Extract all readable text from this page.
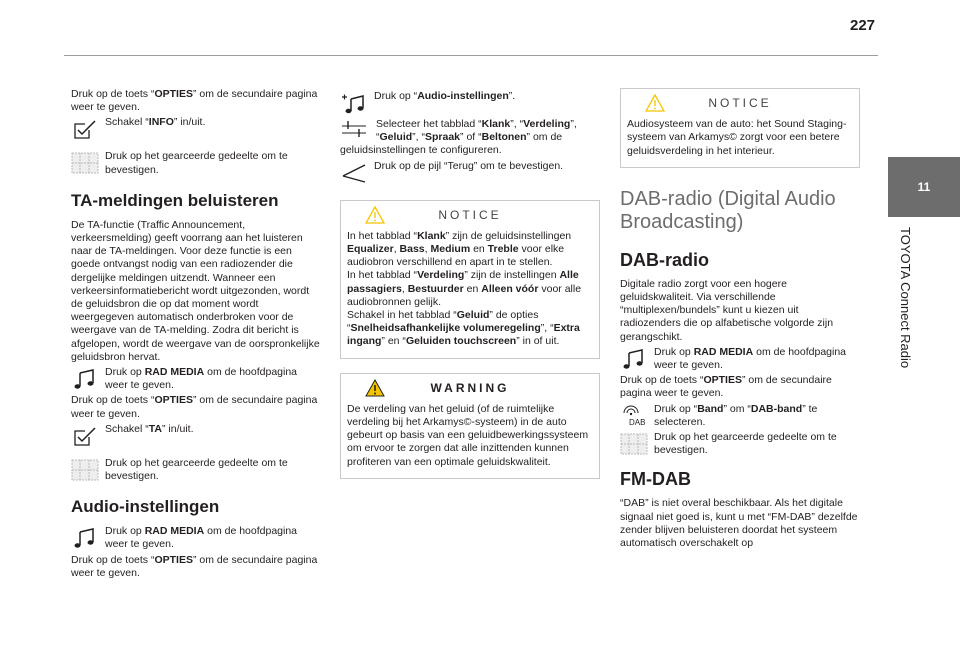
227
11
TOYOTA Connect Radio

Druk op de toets “OPTIES” om de secundaire pagina weer te geven.

Schakel “INFO” in/uit.

Druk op het gearceerde gedeelte om te bevestigen.

TA-meldingen beluisteren

De TA-functie (Traffic Announcement, verkeersmelding) geeft voorrang aan het luisteren naar de TA-meldingen. Voor deze functie is een goede ontvangst nodig van een radiozender die dergelijke meldingen uitzendt. Wanneer een verkeersinformatiebericht wordt uitgezonden, wordt de geluidsbron die op dat moment wordt weergegeven automatisch onderbroken voor de weergave van de TA-melding. Zodra dit bericht is afgelopen, wordt de weergave van de oorspronkelijke geluidsbron hervat.

Druk op RAD MEDIA om de hoofdpagina weer te geven.

Druk op de toets “OPTIES” om de secundaire pagina weer te geven.

Schakel “TA” in/uit.

Druk op het gearceerde gedeelte om te bevestigen.

Audio-instellingen

Druk op RAD MEDIA om de hoofdpagina weer te geven.

Druk op de toets “OPTIES” om de secundaire pagina weer te geven.

Druk op “Audio-instellingen”.

Selecteer het tabblad “Klank”, “Verdeling”, “Geluid”, “Spraak” of “Beltonen” om de geluidsinstellingen te configureren.

Druk op de pijl “Terug” om te bevestigen.

NOTICE

In het tabblad “Klank” zijn de geluidsinstellingen Equalizer, Bass, Medium en Treble voor elke audiobron verschillend en apart in te stellen.
In het tabblad “Verdeling” zijn de instellingen Alle passagiers, Bestuurder en Alleen vóór voor alle audiobronnen gelijk.
Schakel in het tabblad “Geluid” de opties “Snelheidsafhankelijke volumeregeling”, “Extra ingang” en “Geluiden touchscreen” in of uit.

WARNING

De verdeling van het geluid (of de ruimtelijke verdeling bij het Arkamys©-systeem) in de auto gebeurt op basis van een geluidbewerkingssysteem om ervoor te zorgen dat alle inzittenden kunnen profiteren van een optimale geluidskwaliteit.

NOTICE

Audiosysteem van de auto: het Sound Staging-systeem van Arkamys© zorgt voor een betere geluidsverdeling in het interieur.

DAB-radio (Digital Audio Broadcasting)
DAB-radio

Digitale radio zorgt voor een hogere geluidskwaliteit. Via verschillende “multiplexen/bundels” kunt u kiezen uit radiozenders die op alfabetische volgorde zijn gerangschikt.

Druk op RAD MEDIA om de hoofdpagina weer te geven.

Druk op de toets “OPTIES” om de secundaire pagina weer te geven.

DAB

Druk op “Band” om “DAB-band” te selecteren.

Druk op het gearceerde gedeelte om te bevestigen.

FM-DAB

“DAB” is niet overal beschikbaar. Als het digitale signaal niet goed is, kunt u met “FM-DAB” dezelfde zender blijven beluisteren doordat het systeem automatisch overschakelt op
